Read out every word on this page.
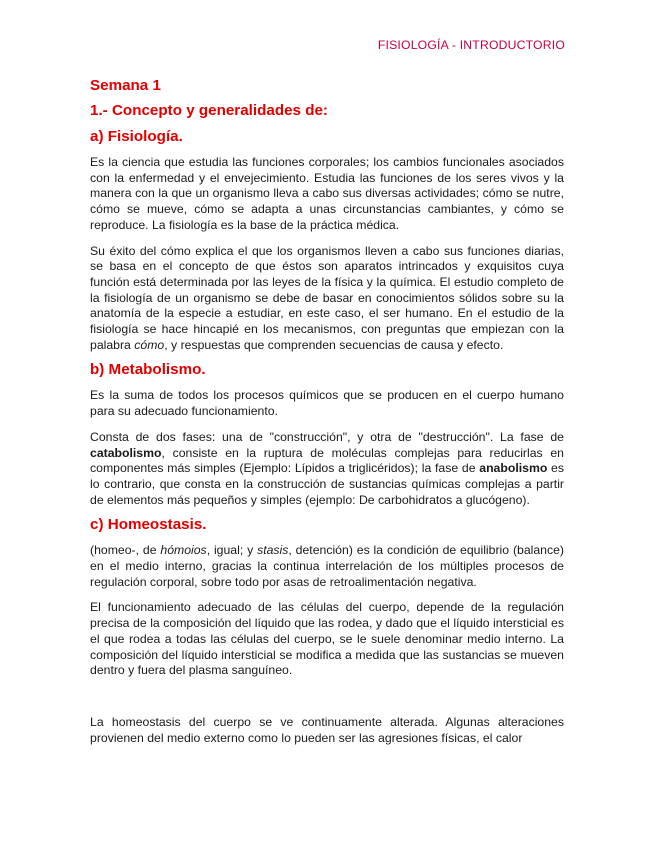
FISIOLOGÍA - INTRODUCTORIO
Semana 1
1.- Concepto y generalidades de:
a) Fisiología.

Es la ciencia que estudia las funciones corporales; los cambios funcionales asociados con la enfermedad y el envejecimiento. Estudia las funciones de los seres vivos y la manera con la que un organismo lleva a cabo sus diversas actividades; cómo se nutre, cómo se mueve, cómo se adapta a unas circunstancias cambiantes, y cómo se reproduce. La fisiología es la base de la práctica médica.

Su éxito del cómo explica el que los organismos lleven a cabo sus funciones diarias, se basa en el concepto de que éstos son aparatos intrincados y exquisitos cuya función está determinada por las leyes de la física y la química. El estudio completo de la fisiología de un organismo se debe de basar en conocimientos sólidos sobre su la anatomía de la especie a estudiar, en este caso, el ser humano. En el estudio de la fisiología se hace hincapié en los mecanismos, con preguntas que empiezan con la palabra cómo, y respuestas que comprenden secuencias de causa y efecto.

b) Metabolismo.

Es la suma de todos los procesos químicos que se producen en el cuerpo humano para su adecuado funcionamiento.

Consta de dos fases: una de "construcción", y otra de "destrucción". La fase de catabolismo, consiste en la ruptura de moléculas complejas para reducirlas en componentes más simples (Ejemplo: Lípidos a triglicéridos); la fase de anabolismo es lo contrario, que consta en la construcción de sustancias químicas complejas a partir de elementos más pequeños y simples (ejemplo: De carbohidratos a glucógeno).

c) Homeostasis.

(homeo-, de hómoios, igual; y stasis, detención) es la condición de equilibrio (balance) en el medio interno, gracias la continua interrelación de los múltiples procesos de regulación corporal, sobre todo por asas de retroalimentación negativa.

El funcionamiento adecuado de las células del cuerpo, depende de la regulación precisa de la composición del líquido que las rodea, y dado que el líquido intersticial es el que rodea a todas las células del cuerpo, se le suele denominar medio interno. La composición del líquido intersticial se modifica a medida que las sustancias se mueven dentro y fuera del plasma sanguíneo.

La homeostasis del cuerpo se ve continuamente alterada. Algunas alteraciones provienen del medio externo como lo pueden ser las agresiones físicas, el calor
